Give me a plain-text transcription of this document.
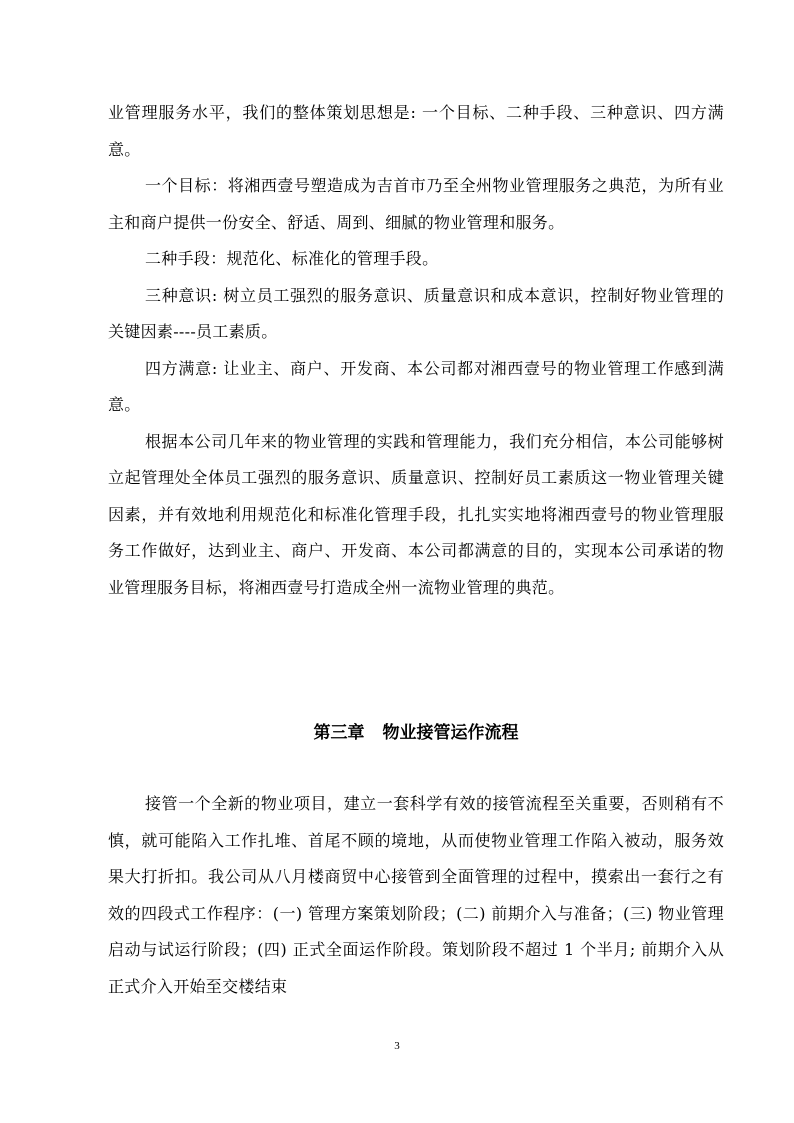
业管理服务水平，我们的整体策划思想是: 一个目标、二种手段、三种意识、四方满意。

一个目标：将湘西壹号塑造成为吉首市乃至全州物业管理服务之典范，为所有业主和商户提供一份安全、舒适、周到、细腻的物业管理和服务。

二种手段：规范化、标准化的管理手段。

三种意识: 树立员工强烈的服务意识、质量意识和成本意识，控制好物业管理的关键因素----员工素质。

四方满意: 让业主、商户、开发商、本公司都对湘西壹号的物业管理工作感到满意。

根据本公司几年来的物业管理的实践和管理能力，我们充分相信，本公司能够树立起管理处全体员工强烈的服务意识、质量意识、控制好员工素质这一物业管理关键因素，并有效地利用规范化和标准化管理手段，扎扎实实地将湘西壹号的物业管理服务工作做好，达到业主、商户、开发商、本公司都满意的目的，实现本公司承诺的物业管理服务目标，将湘西壹号打造成全州一流物业管理的典范。

第三章 物业接管运作流程

接管一个全新的物业项目，建立一套科学有效的接管流程至关重要，否则稍有不慎，就可能陷入工作扎堆、首尾不顾的境地，从而使物业管理工作陷入被动，服务效果大打折扣。我公司从八月楼商贸中心接管到全面管理的过程中，摸索出一套行之有效的四段式工作程序：(一) 管理方案策划阶段；(二) 前期介入与准备；(三) 物业管理启动与试运行阶段；(四) 正式全面运作阶段。策划阶段不超过 1 个半月; 前期介入从正式介入开始至交楼结束

3
